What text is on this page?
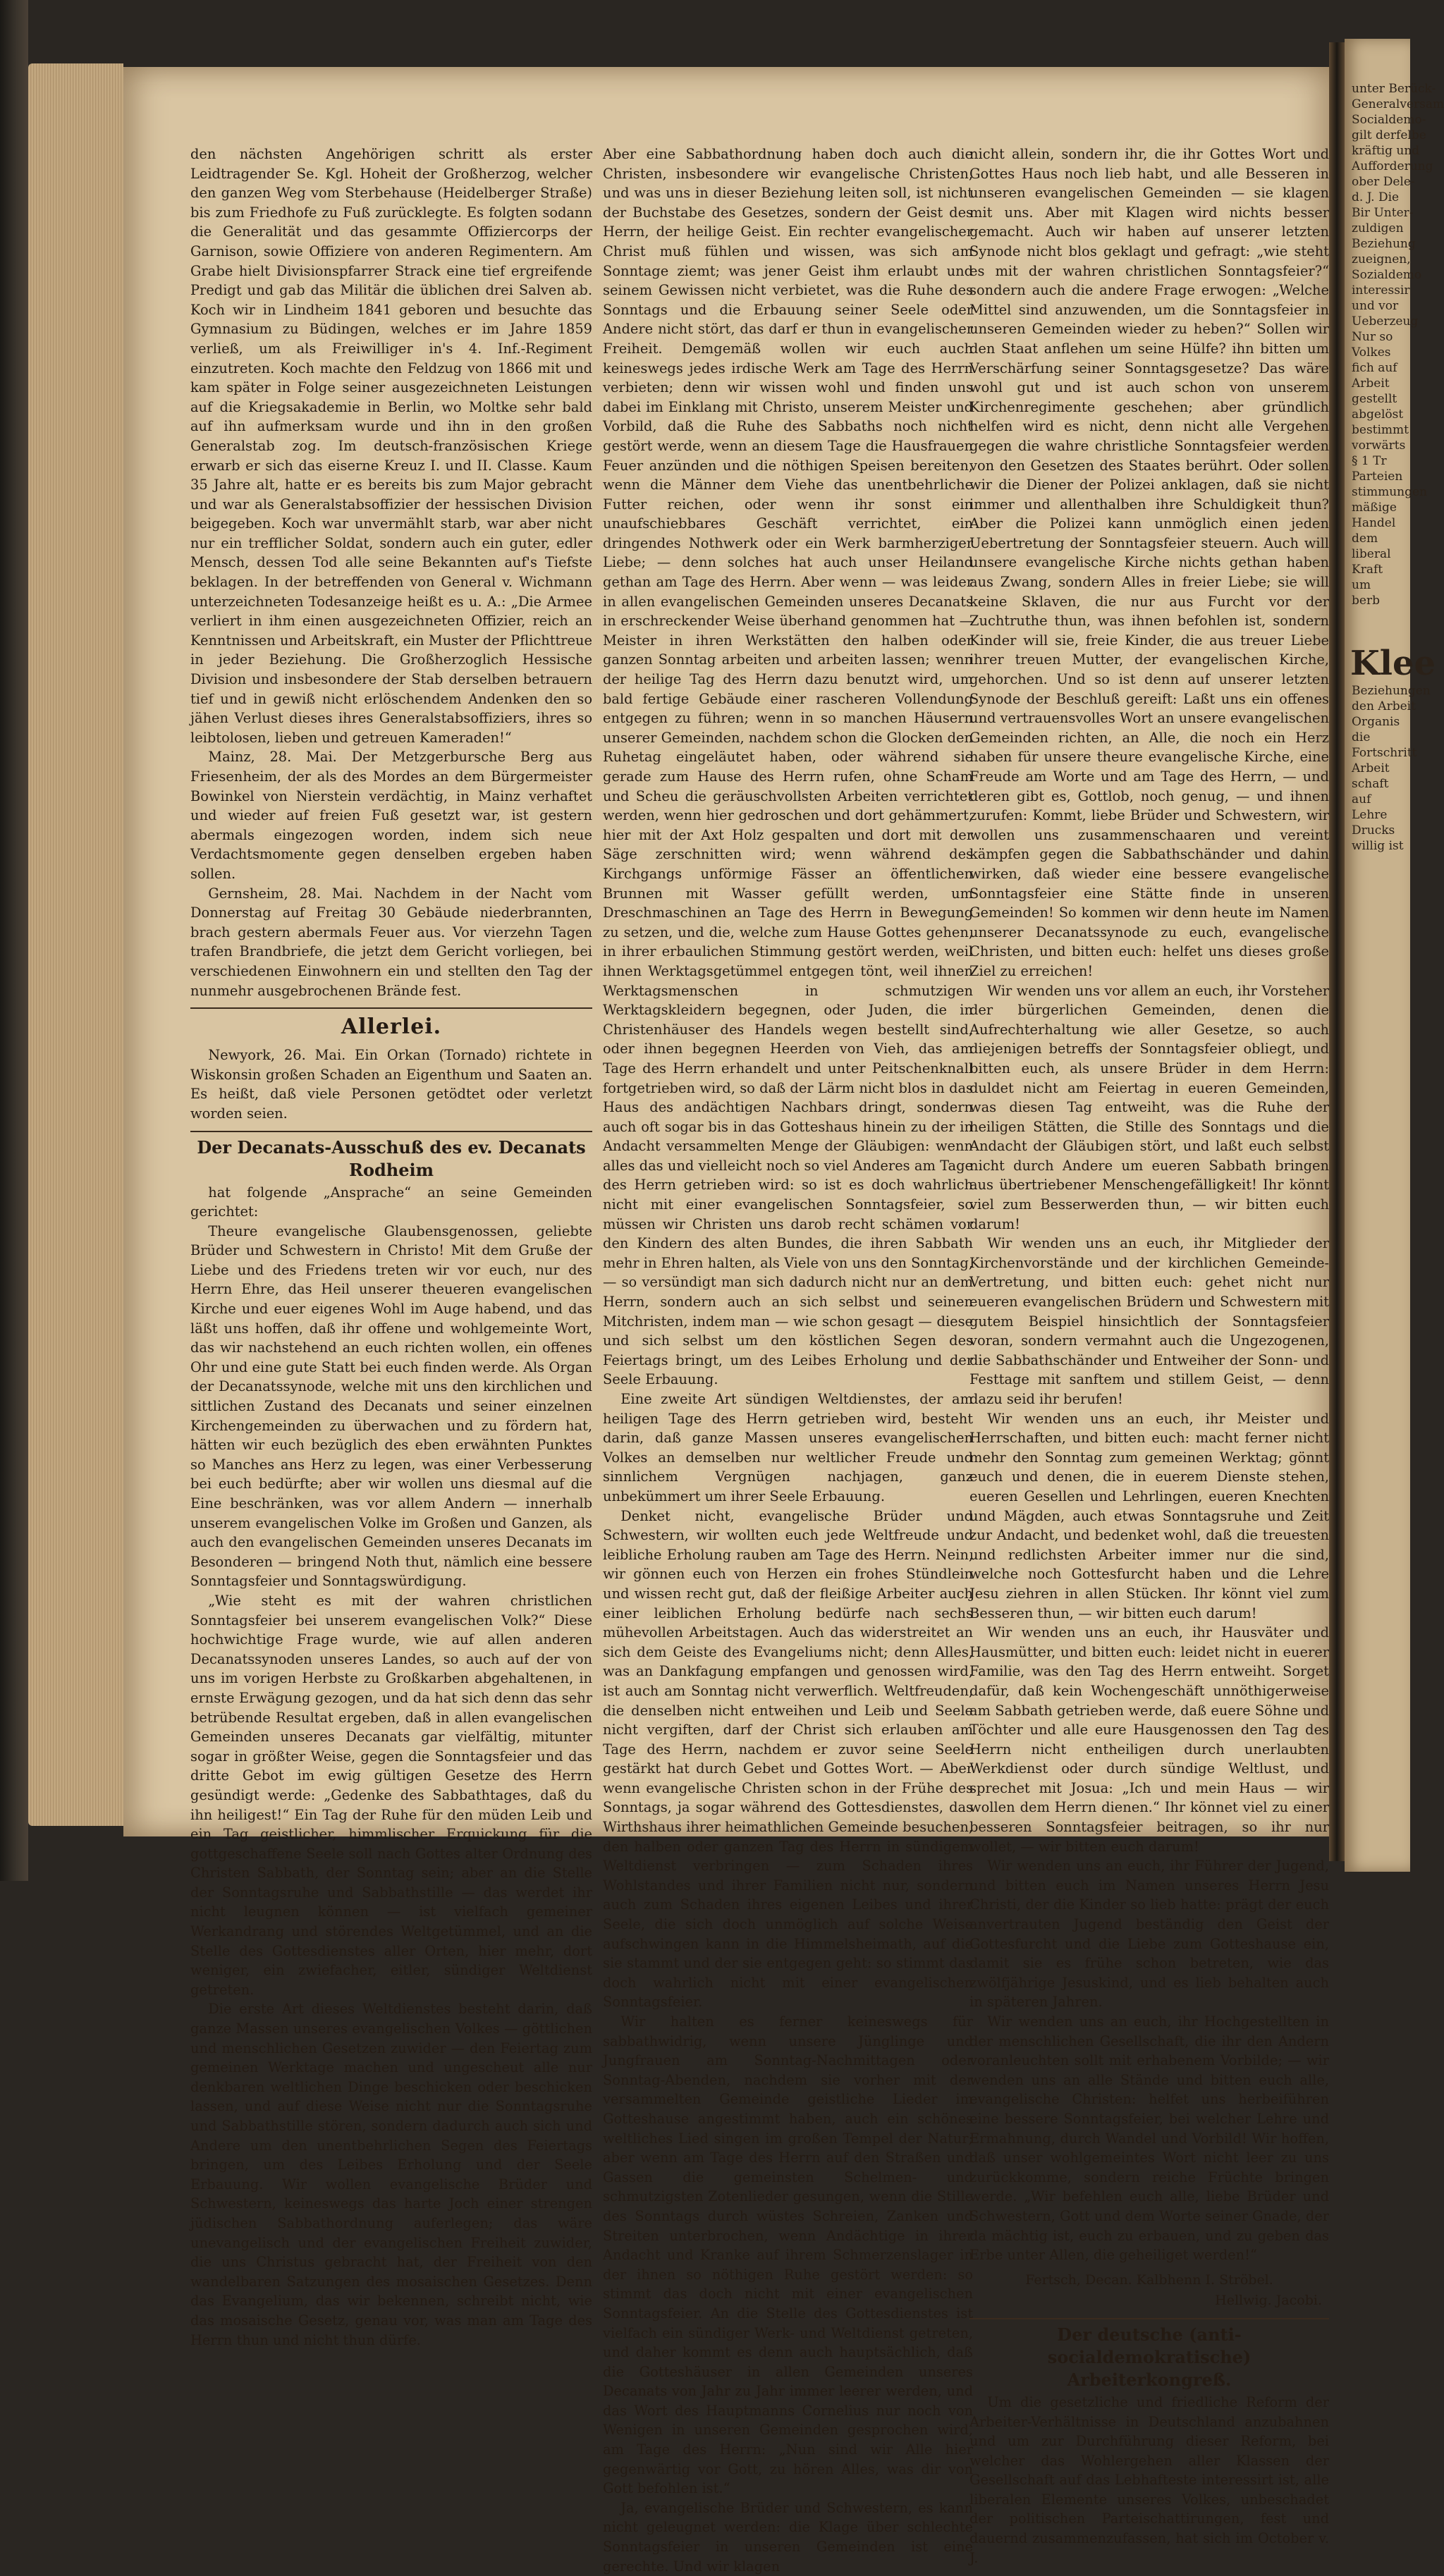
den nächsten Angehörigen schritt als erster Leidtragender Se. Kgl. Hoheit der Großherzog, welcher den ganzen Weg vom Sterbehause (Heidelberger Straße) bis zum Friedhofe zu Fuß zurücklegte. Es folgten sodann die Generalität und das gesammte Offiziercorps der Garnison, sowie Offiziere von anderen Regimentern. Am Grabe hielt Divisionspfarrer Strack eine tief ergreifende Predigt und gab das Militär die üblichen drei Salven ab. Koch wir in Lindheim 1841 geboren und besuchte das Gymnasium zu Büdingen, welches er im Jahre 1859 verließ, um als Freiwilliger in's 4. Inf.-Regiment einzutreten. Koch machte den Feldzug von 1866 mit und kam später in Folge seiner ausgezeichneten Leistungen auf die Kriegsakademie in Berlin, wo Moltke sehr bald auf ihn aufmerksam wurde und ihn in den großen Generalstab zog. Im deutsch-französischen Kriege erwarb er sich das eiserne Kreuz I. und II. Classe. Kaum 35 Jahre alt, hatte er es bereits bis zum Major gebracht und war als Generalstabsoffizier der hessischen Division beigegeben. Koch war unvermählt starb, war aber nicht nur ein trefflicher Soldat, sondern auch ein guter, edler Mensch, dessen Tod alle seine Bekannten auf's Tiefste beklagen. In der betreffenden von General v. Wichmann unterzeichneten Todesanzeige heißt es u. A.: „Die Armee verliert in ihm einen ausgezeichneten Offizier, reich an Kenntnissen und Arbeitskraft, ein Muster der Pflichttreue in jeder Beziehung. Die Großherzoglich Hessische Division und insbesondere der Stab derselben betrauern tief und in gewiß nicht erlöschendem Andenken den so jähen Verlust dieses ihres Generalstabsoffiziers, ihres so leibtolosen, lieben und getreuen Kameraden!“

Mainz, 28. Mai. Der Metzgerbursche Berg aus Friesenheim, der als des Mordes an dem Bürgermeister Bowinkel von Nierstein verdächtig, in Mainz verhaftet und wieder auf freien Fuß gesetzt war, ist gestern abermals eingezogen worden, indem sich neue Verdachtsmomente gegen denselben ergeben haben sollen.

Gernsheim, 28. Mai. Nachdem in der Nacht vom Donnerstag auf Freitag 30 Gebäude niederbrannten, brach gestern abermals Feuer aus. Vor vierzehn Tagen trafen Brandbriefe, die jetzt dem Gericht vorliegen, bei verschiedenen Einwohnern ein und stellten den Tag der nunmehr ausgebrochenen Brände fest.

Allerlei.

Newyork, 26. Mai. Ein Orkan (Tornado) richtete in Wiskonsin großen Schaden an Eigenthum und Saaten an. Es heißt, daß viele Personen getödtet oder verletzt worden seien.

Der Decanats-Ausschuß des ev. Decanats Rodheim

hat folgende „Ansprache“ an seine Gemeinden gerichtet:

Theure evangelische Glaubensgenossen, geliebte Brüder und Schwestern in Christo! Mit dem Gruße der Liebe und des Friedens treten wir vor euch, nur des Herrn Ehre, das Heil unserer theueren evangelischen Kirche und euer eigenes Wohl im Auge habend, und das läßt uns hoffen, daß ihr offene und wohlgemeinte Wort, das wir nachstehend an euch richten wollen, ein offenes Ohr und eine gute Statt bei euch finden werde. Als Organ der Decanatssynode, welche mit uns den kirchlichen und sittlichen Zustand des Decanats und seiner einzelnen Kirchengemeinden zu überwachen und zu fördern hat, hätten wir euch bezüglich des eben erwähnten Punktes so Manches ans Herz zu legen, was einer Verbesserung bei euch bedürfte; aber wir wollen uns diesmal auf die Eine beschränken, was vor allem Andern — innerhalb unserem evangelischen Volke im Großen und Ganzen, als auch den evangelischen Gemeinden unseres Decanats im Besonderen — bringend Noth thut, nämlich eine bessere Sonntagsfeier und Sonntagswürdigung.

„Wie steht es mit der wahren christlichen Sonntagsfeier bei unserem evangelischen Volk?“ Diese hochwichtige Frage wurde, wie auf allen anderen Decanatssynoden unseres Landes, so auch auf der von uns im vorigen Herbste zu Großkarben abgehaltenen, in ernste Erwägung gezogen, und da hat sich denn das sehr betrübende Resultat ergeben, daß in allen evangelischen Gemeinden unseres Decanats gar vielfältig, mitunter sogar in größter Weise, gegen die Sonntagsfeier und das dritte Gebot im ewig gültigen Gesetze des Herrn gesündigt werde: „Gedenke des Sabbathtages, daß du ihn heiligest!“ Ein Tag der Ruhe für den müden Leib und ein Tag geistlicher, himmlischer Erquickung für die gottgeschaffene Seele soll nach Gottes alter Ordnung des Christen Sabbath, der Sonntag sein; aber an die Stelle der Sonntagsruhe und Sabbathstille — das werdet ihr nicht leugnen können — ist vielfach gemeiner Werkandrang und störendes Weltgetümmel, und an die Stelle des Gottesdienstes aller Orten, hier mehr, dort weniger, ein zwiefacher, eitler, sündiger Weltdienst getreten.

Die erste Art dieses Weltdienstes besteht darin, daß ganze Massen unseres evangelischen Volkes — göttlichen und menschlichen Gesetzen zuwider — den Feiertag zum gemeinen Werktage machen und ungescheut alle nur denkbaren weltlichen Dinge beschicken oder beschicken lassen, und auf diese Weise nicht nur die Sonntagsruhe und Sabbathstille stören, sondern dadurch auch sich und Andere um den unentbehrlichen Segen des Feiertags bringen, um des Leibes Erholung und der Seele Erbauung. Wir wollen evangelische Brüder und Schwestern, keineswegs das harte Joch einer strengen jüdischen Sabbathordnung auferlegen; das wäre unevangelisch und der evangelischen Freiheit zuwider, die uns Christus gebracht hat, der Freiheit von den wandelbaren Satzungen des mosaischen Gesetzes. Denn das Evangelium, das wir bekennen, schreibt nicht, wie das mosaische Gesetz, genau vor, was man am Tage des Herrn thun und nicht thun dürfe.

Aber eine Sabbathordnung haben doch auch die Christen, insbesondere wir evangelische Christen, und was uns in dieser Beziehung leiten soll, ist nicht der Buchstabe des Gesetzes, sondern der Geist des Herrn, der heilige Geist. Ein rechter evangelischer Christ muß fühlen und wissen, was sich am Sonntage ziemt; was jener Geist ihm erlaubt und seinem Gewissen nicht verbietet, was die Ruhe des Sonntags und die Erbauung seiner Seele oder Andere nicht stört, das darf er thun in evangelischer Freiheit. Demgemäß wollen wir euch auch keineswegs jedes irdische Werk am Tage des Herrn verbieten; denn wir wissen wohl und finden uns dabei im Einklang mit Christo, unserem Meister und Vorbild, daß die Ruhe des Sabbaths noch nicht gestört werde, wenn an diesem Tage die Hausfrauen Feuer anzünden und die nöthigen Speisen bereiten, wenn die Männer dem Viehe das unentbehrliche Futter reichen, oder wenn ihr sonst ein unaufschiebbares Geschäft verrichtet, ein dringendes Nothwerk oder ein Werk barmherziger Liebe; — denn solches hat auch unser Heiland gethan am Tage des Herrn. Aber wenn — was leider in allen evangelischen Gemeinden unseres Decanats in erschreckender Weise überhand genommen hat — Meister in ihren Werkstätten den halben oder ganzen Sonntag arbeiten und arbeiten lassen; wenn der heilige Tag des Herrn dazu benutzt wird, um bald fertige Gebäude einer rascheren Vollendung entgegen zu führen; wenn in so manchen Häusern unserer Gemeinden, nachdem schon die Glocken den Ruhetag eingeläutet haben, oder während sie gerade zum Hause des Herrn rufen, ohne Scham und Scheu die geräuschvollsten Arbeiten verrichtet werden, wenn hier gedroschen und dort gehämmert, hier mit der Axt Holz gespalten und dort mit der Säge zerschnitten wird; wenn während des Kirchgangs unförmige Fässer an öffentlichen Brunnen mit Wasser gefüllt werden, um Dreschmaschinen an Tage des Herrn in Bewegung zu setzen, und die, welche zum Hause Gottes gehen, in ihrer erbaulichen Stimmung gestört werden, weil ihnen Werktagsgetümmel entgegen tönt, weil ihnen Werktagsmenschen in schmutzigen Werktagskleidern begegnen, oder Juden, die in Christenhäuser des Handels wegen bestellt sind, oder ihnen begegnen Heerden von Vieh, das am Tage des Herrn erhandelt und unter Peitschenknall fortgetrieben wird, so daß der Lärm nicht blos in das Haus des andächtigen Nachbars dringt, sondern auch oft sogar bis in das Gotteshaus hinein zu der in Andacht versammelten Menge der Gläubigen: wenn alles das und vielleicht noch so viel Anderes am Tage des Herrn getrieben wird: so ist es doch wahrlich nicht mit einer evangelischen Sonntagsfeier, so müssen wir Christen uns darob recht schämen vor den Kindern des alten Bundes, die ihren Sabbath mehr in Ehren halten, als Viele von uns den Sonntag, — so versündigt man sich dadurch nicht nur an dem Herrn, sondern auch an sich selbst und seinen Mitchristen, indem man — wie schon gesagt — diese und sich selbst um den köstlichen Segen des Feiertags bringt, um des Leibes Erholung und der Seele Erbauung.

Eine zweite Art sündigen Weltdienstes, der am heiligen Tage des Herrn getrieben wird, besteht darin, daß ganze Massen unseres evangelischen Volkes an demselben nur weltlicher Freude und sinnlichem Vergnügen nachjagen, ganz unbekümmert um ihrer Seele Erbauung.

Denket nicht, evangelische Brüder und Schwestern, wir wollten euch jede Weltfreude und leibliche Erholung rauben am Tage des Herrn. Nein, wir gönnen euch von Herzen ein frohes Stündlein und wissen recht gut, daß der fleißige Arbeiter auch einer leiblichen Erholung bedürfe nach sechs mühevollen Arbeitstagen. Auch das widerstreitet an sich dem Geiste des Evangeliums nicht; denn Alles, was an Dankfagung empfangen und genossen wird, ist auch am Sonntag nicht verwerflich. Weltfreuden, die denselben nicht entweihen und Leib und Seele nicht vergiften, darf der Christ sich erlauben am Tage des Herrn, nachdem er zuvor seine Seele gestärkt hat durch Gebet und Gottes Wort. — Aber wenn evangelische Christen schon in der Frühe des Sonntags, ja sogar während des Gottesdienstes, das Wirthshaus ihrer heimathlichen Gemeinde besuchen, den halben oder ganzen Tag des Herrn in sündigem Weltdienst verbringen — zum Schaden ihres Wohlstandes und ihrer Familien nicht nur, sondern auch zum Schaden ihres eigenen Leibes und ihrer Seele, die sich doch unmöglich auf solche Weise aufschwingen kann in die Himmelsheimath, auf die sie stammt und der sie entgegen geht: so stimmt das doch wahrlich nicht mit einer evangelischen Sonntagsfeier.

Wir halten es ferner keineswegs für sabbathwidrig, wenn unsere Jünglinge und Jungfrauen am Sonntag-Nachmittagen oder Sonntag-Abenden, nachdem sie vorher mit der versammelten Gemeinde geistliche Lieder im Gotteshause angestimmt haben, auch ein schönes weltliches Lied singen im großen Tempel der Natur; aber wenn am Tage des Herrn auf den Straßen und Gassen die gemeinsten Schelmen- und schmutzigsten Zotenlieder gesungen, wenn die Stille des Sonntags durch wüstes Schreien, Zanken und Streiten unterbrochen, wenn Andächtige in ihrer Andacht und Kranke auf ihrem Schmerzenslager in der ihnen so nöthigen Ruhe gestört werden: so stimmt das doch nicht mit einer evangelischen Sonntagsfeier. An die Stelle des Gottesdienstes ist vielfach ein sündiger Werk- und Weltdienst getreten, und daher kommt es denn auch hauptsächlich, daß die Gotteshäuser in allen Gemeinden unseres Decanats von Jahr zu Jahr immer leerer werden, und das Wort des Hauptmanns Cornelius nur noch von Wenigen in unseren Gemeinden gesprochen wird, am Tage des Herrn: „Nun sind wir Alle hier gegenwärtig vor Gott, zu hören Alles, was dir von Gott befohlen ist.“

Ja, evangelische Brüder und Schwestern, es kann nicht geleugnet werden: die Klage über schlechte Sonntagsfeier in unseren Gemeinden ist eine gerechte. Und wir klagen

nicht allein, sondern ihr, die ihr Gottes Wort und Gottes Haus noch lieb habt, und alle Besseren in unseren evangelischen Gemeinden — sie klagen mit uns. Aber mit Klagen wird nichts besser gemacht. Auch wir haben auf unserer letzten Synode nicht blos geklagt und gefragt: „wie steht es mit der wahren christlichen Sonntagsfeier?“ sondern auch die andere Frage erwogen: „Welche Mittel sind anzuwenden, um die Sonntagsfeier in unseren Gemeinden wieder zu heben?“ Sollen wir den Staat anflehen um seine Hülfe? ihn bitten um Verschärfung seiner Sonntagsgesetze? Das wäre wohl gut und ist auch schon von unserem Kirchenregimente geschehen; aber gründlich helfen wird es nicht, denn nicht alle Vergehen gegen die wahre christliche Sonntagsfeier werden von den Gesetzen des Staates berührt. Oder sollen wir die Diener der Polizei anklagen, daß sie nicht immer und allenthalben ihre Schuldigkeit thun? Aber die Polizei kann unmöglich einen jeden Uebertretung der Sonntagsfeier steuern. Auch will unsere evangelische Kirche nichts gethan haben aus Zwang, sondern Alles in freier Liebe; sie will keine Sklaven, die nur aus Furcht vor der Zuchtruthe thun, was ihnen befohlen ist, sondern Kinder will sie, freie Kinder, die aus treuer Liebe ihrer treuen Mutter, der evangelischen Kirche, gehorchen. Und so ist denn auf unserer letzten Synode der Beschluß gereift: Laßt uns ein offenes und vertrauensvolles Wort an unsere evangelischen Gemeinden richten, an Alle, die noch ein Herz haben für unsere theure evangelische Kirche, eine Freude am Worte und am Tage des Herrn, — und deren gibt es, Gottlob, noch genug, — und ihnen zurufen: Kommt, liebe Brüder und Schwestern, wir wollen uns zusammenschaaren und vereint kämpfen gegen die Sabbathschänder und dahin wirken, daß wieder eine bessere evangelische Sonntagsfeier eine Stätte finde in unseren Gemeinden! So kommen wir denn heute im Namen unserer Decanatssynode zu euch, evangelische Christen, und bitten euch: helfet uns dieses große Ziel zu erreichen!

Wir wenden uns vor allem an euch, ihr Vorsteher der bürgerlichen Gemeinden, denen die Aufrechterhaltung wie aller Gesetze, so auch diejenigen betreffs der Sonntagsfeier obliegt, und bitten euch, als unsere Brüder in dem Herrn: duldet nicht am Feiertag in eueren Gemeinden, was diesen Tag entweiht, was die Ruhe der heiligen Stätten, die Stille des Sonntags und die Andacht der Gläubigen stört, und laßt euch selbst nicht durch Andere um eueren Sabbath bringen aus übertriebener Menschengefälligkeit! Ihr könnt viel zum Besserwerden thun, — wir bitten euch darum!

Wir wenden uns an euch, ihr Mitglieder der Kirchenvorstände und der kirchlichen Gemeinde-Vertretung, und bitten euch: gehet nicht nur eueren evangelischen Brüdern und Schwestern mit gutem Beispiel hinsichtlich der Sonntagsfeier voran, sondern vermahnt auch die Ungezogenen, die Sabbathschänder und Entweiher der Sonn- und Festtage mit sanftem und stillem Geist, — denn dazu seid ihr berufen!

Wir wenden uns an euch, ihr Meister und Herrschaften, und bitten euch: macht ferner nicht mehr den Sonntag zum gemeinen Werktag; gönnt euch und denen, die in euerem Dienste stehen, eueren Gesellen und Lehrlingen, eueren Knechten und Mägden, auch etwas Sonntagsruhe und Zeit zur Andacht, und bedenket wohl, daß die treuesten und redlichsten Arbeiter immer nur die sind, welche noch Gottesfurcht haben und die Lehre Jesu ziehren in allen Stücken. Ihr könnt viel zum Besseren thun, — wir bitten euch darum!

Wir wenden uns an euch, ihr Hausväter und Hausmütter, und bitten euch: leidet nicht in euerer Familie, was den Tag des Herrn entweiht. Sorget dafür, daß kein Wochengeschäft unnöthigerweise am Sabbath getrieben werde, daß euere Söhne und Töchter und alle eure Hausgenossen den Tag des Herrn nicht entheiligen durch unerlaubten Werkdienst oder durch sündige Weltlust, und sprechet mit Josua: „Ich und mein Haus — wir wollen dem Herrn dienen.“ Ihr könnet viel zu einer besseren Sonntagsfeier beitragen, so ihr nur wollet, — wir bitten euch darum!

Wir wenden uns an euch, ihr Führer der Jugend, und bitten euch im Namen unseres Herrn Jesu Christi, der die Kinder so lieb hatte: prägt der euch anvertrauten Jugend beständig den Geist der Gottesfurcht und die Liebe zum Gotteshause ein, damit sie es frühe schon betreten, wie das zwölfjährige Jesuskind, und es lieb behalten auch in späteren Jahren.

Wir wenden uns an euch, ihr Hochgestellten in der menschlichen Gesellschaft, die ihr den Andern voranleuchten sollt mit erhabenem Vorbilde; — wir wenden uns an alle Stände und bitten euch alle, evangelische Christen: helfet uns herbeiführen eine bessere Sonntagsfeier, bei welcher Lehre und Ermahnung, durch Wandel und Vorbild! Wir hoffen, daß unser wohlgemeintes Wort nicht leer zu uns zurückkomme, sondern reiche Früchte bringen werde. „Wir befehlen euch alle, liebe Brüder und Schwestern, Gott und dem Worte seiner Gnade, der da mächtig ist, euch zu erbauen, und zu geben das Erbe unter Allen, die geheiliget werden!“

Fertsch, Decan. Kalbhenn I. Ströbel.
Hellwig. Jacobi.
Der deutsche (anti-socialdemokratische) Arbeiterkongreß.

Um die gesetzliche und friedliche Reform der Arbeiter-Verhältnisse in Deutschland anzubahnen und um zur Durchführung dieser Reform, bei welcher das Wohlergehen aller Klassen der Gesellschaft auf das Lebhafteste interessirt ist, alle liberalen Elemente unseres Volkes, unbeschadet der politischen Parteischattirungen, fest und dauernd zusammenzufassen, hat sich im October v. J.

unter Berück-
Generalversam
Socialdemo-
gilt derfelbe
kräftig und
Aufforderung
ober Dele-
d. J. Die
Bir Unter-
zuldigen
Beziehung
zueignen,
Sozialdemo
interessir
und vor
Ueberzeug
Nur so
Volkes
fich auf
Arbeit
gestellt
abgelöst
bestimmt
vorwärts
§ 1 Tr
Parteien
stimmungen
mäßige
Handel
dem
liberal
Kraft
um
berb
Klee
Beziehungen
den Arbeit
Organis
die
Fortschritt
Arbeit
schaft
auf
Lehre
Drucks
willig ist
